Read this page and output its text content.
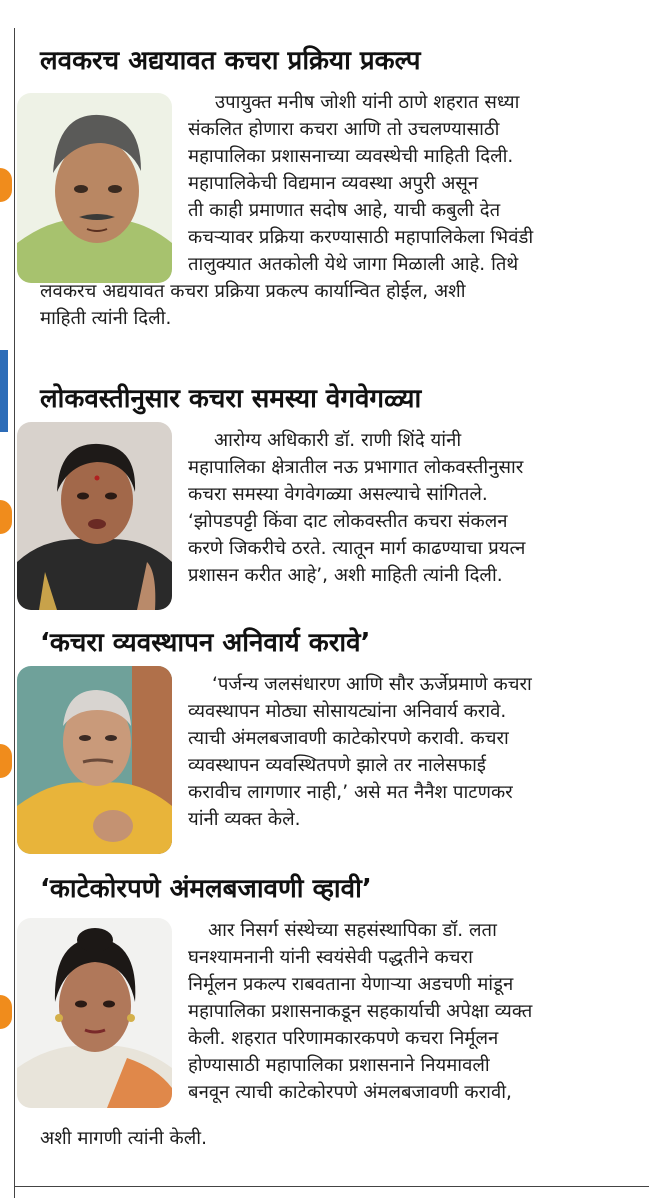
लवकरच अद्ययावत कचरा प्रक्रिया प्रकल्प

उपायुक्त मनीष जोशी यांनी ठाणे शहरात सध्या

संकलित होणारा कचरा आणि तो उचलण्यासाठी

महापालिका प्रशासनाच्या व्यवस्थेची माहिती दिली.

महापालिकेची विद्यमान व्यवस्था अपुरी असून

ती काही प्रमाणात सदोष आहे, याची कबुली देत

कचऱ्यावर प्रक्रिया करण्यासाठी महापालिकेला भिवंडी

तालुक्यात अतकोली येथे जागा मिळाली आहे. तिथे

लवकरच अद्ययावत कचरा प्रक्रिया प्रकल्प कार्यान्वित होईल, अशी

माहिती त्यांनी दिली.

लोकवस्तीनुसार कचरा समस्या वेगवेगळ्या

आरोग्य अधिकारी डॉ. राणी शिंदे यांनी

महापालिका क्षेत्रातील नऊ प्रभागात लोकवस्तीनुसार

कचरा समस्या वेगवेगळ्या असल्याचे सांगितले.

‘झोपडपट्टी किंवा दाट लोकवस्तीत कचरा संकलन

करणे जिकरीचे ठरते. त्यातून मार्ग काढण्याचा प्रयत्न

प्रशासन करीत आहे’, अशी माहिती त्यांनी दिली.

‘कचरा व्यवस्थापन अनिवार्य करावे’

‘पर्जन्य जलसंधारण आणि सौर ऊर्जेप्रमाणे कचरा

व्यवस्थापन मोठ्या सोसायट्यांना अनिवार्य करावे.

त्याची अंमलबजावणी काटेकोरपणे करावी. कचरा

व्यवस्थापन व्यवस्थितपणे झाले तर नालेसफाई

करावीच लागणार नाही,’ असे मत नैनैश पाटणकर

यांनी व्यक्त केले.

‘काटेकोरपणे अंमलबजावणी व्हावी’

आर निसर्ग संस्थेच्या सहसंस्थापिका डॉ. लता

घनश्यामनानी यांनी स्वयंसेवी पद्धतीने कचरा

निर्मूलन प्रकल्प राबवताना येणाऱ्या अडचणी मांडून

महापालिका प्रशासनाकडून सहकार्याची अपेक्षा व्यक्त

केली. शहरात परिणामकारकपणे कचरा निर्मूलन

होण्यासाठी महापालिका प्रशासनाने नियमावली

बनवून त्याची काटेकोरपणे अंमलबजावणी करावी,

अशी मागणी त्यांनी केली.
